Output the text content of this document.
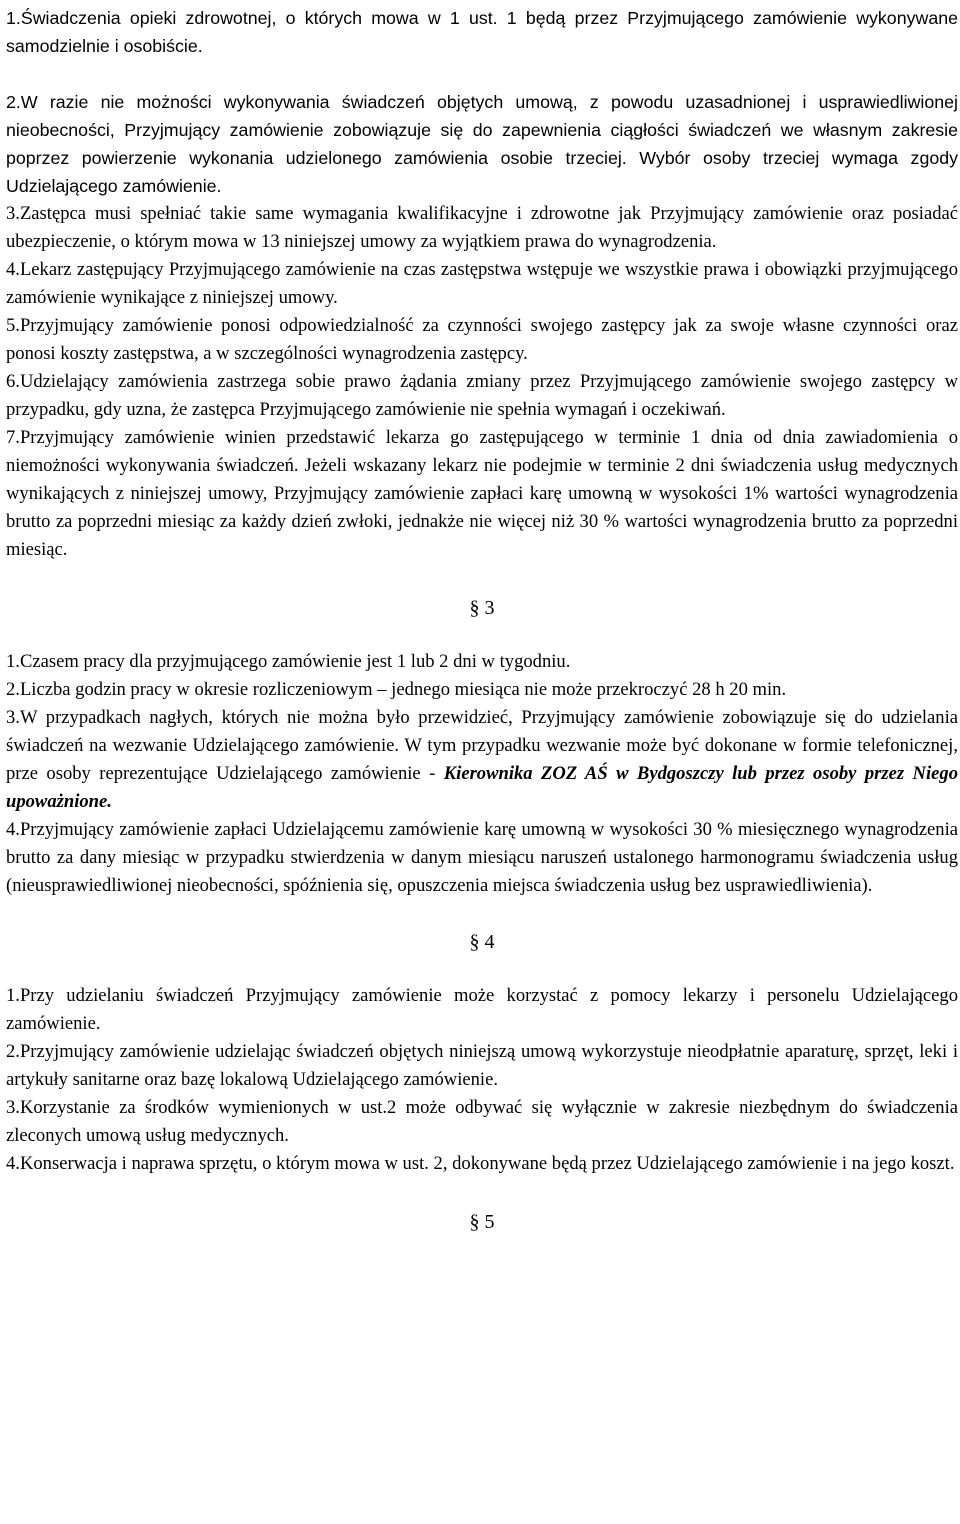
1.Świadczenia opieki zdrowotnej, o których mowa w 1 ust. 1 będą przez Przyjmującego zamówienie wykonywane samodzielnie i osobiście.

2.W razie nie możności wykonywania świadczeń objętych umową, z powodu uzasadnionej i usprawiedliwionej nieobecności, Przyjmujący zamówienie zobowiązuje się do zapewnienia ciągłości świadczeń we własnym zakresie poprzez powierzenie wykonania udzielonego zamówienia osobie trzeciej. Wybór osoby trzeciej wymaga zgody Udzielającego zamówienie.

3.Zastępca musi spełniać takie same wymagania kwalifikacyjne i zdrowotne jak Przyjmujący zamówienie oraz posiadać ubezpieczenie, o którym mowa w 13 niniejszej umowy za wyjątkiem prawa do wynagrodzenia.

4.Lekarz zastępujący Przyjmującego zamówienie na czas zastępstwa wstępuje we wszystkie prawa i obowiązki przyjmującego zamówienie wynikające z niniejszej umowy.

5.Przyjmujący zamówienie ponosi odpowiedzialność za czynności swojego zastępcy jak za swoje własne czynności oraz ponosi koszty zastępstwa, a w szczególności wynagrodzenia zastępcy.

6.Udzielający zamówienia zastrzega sobie prawo żądania zmiany przez Przyjmującego zamówienie swojego zastępcy w przypadku, gdy uzna, że zastępca Przyjmującego zamówienie nie spełnia wymagań i oczekiwań.

7.Przyjmujący zamówienie winien przedstawić lekarza go zastępującego w terminie 1 dnia od dnia zawiadomienia o niemożności wykonywania świadczeń. Jeżeli wskazany lekarz nie podejmie w terminie 2 dni świadczenia usług medycznych wynikających z niniejszej umowy, Przyjmujący zamówienie zapłaci karę umowną w wysokości 1% wartości wynagrodzenia brutto za poprzedni miesiąc za każdy dzień zwłoki, jednakże nie więcej niż 30 % wartości wynagrodzenia brutto za poprzedni miesiąc.

§ 3

1.Czasem pracy dla przyjmującego zamówienie jest 1 lub 2 dni w tygodniu.

2.Liczba godzin pracy w okresie rozliczeniowym – jednego miesiąca nie może przekroczyć 28 h 20 min.

3.W przypadkach nagłych, których nie można było przewidzieć, Przyjmujący zamówienie zobowiązuje się do udzielania świadczeń na wezwanie Udzielającego zamówienie. W tym przypadku wezwanie może być dokonane w formie telefonicznej, prze osoby reprezentujące Udzielającego zamówienie - Kierownika ZOZ AŚ w Bydgoszczy lub przez osoby przez Niego upoważnione.

4.Przyjmujący zamówienie zapłaci Udzielającemu zamówienie karę umowną w wysokości 30 % miesięcznego wynagrodzenia brutto za dany miesiąc w przypadku stwierdzenia w danym miesiącu naruszeń ustalonego harmonogramu świadczenia usług (nieusprawiedliwionej nieobecności, spóźnienia się, opuszczenia miejsca świadczenia usług bez usprawiedliwienia).

§ 4

1.Przy udzielaniu świadczeń Przyjmujący zamówienie może korzystać z pomocy lekarzy i personelu Udzielającego zamówienie.

2.Przyjmujący zamówienie udzielając świadczeń objętych niniejszą umową wykorzystuje nieodpłatnie aparaturę, sprzęt, leki i artykuły sanitarne oraz bazę lokalową Udzielającego zamówienie.

3.Korzystanie za środków wymienionych w ust.2 może odbywać się wyłącznie w zakresie niezbędnym do świadczenia zleconych umową usług medycznych.

4.Konserwacja i naprawa sprzętu, o którym mowa w ust. 2, dokonywane będą przez Udzielającego zamówienie i na jego koszt.

§ 5
